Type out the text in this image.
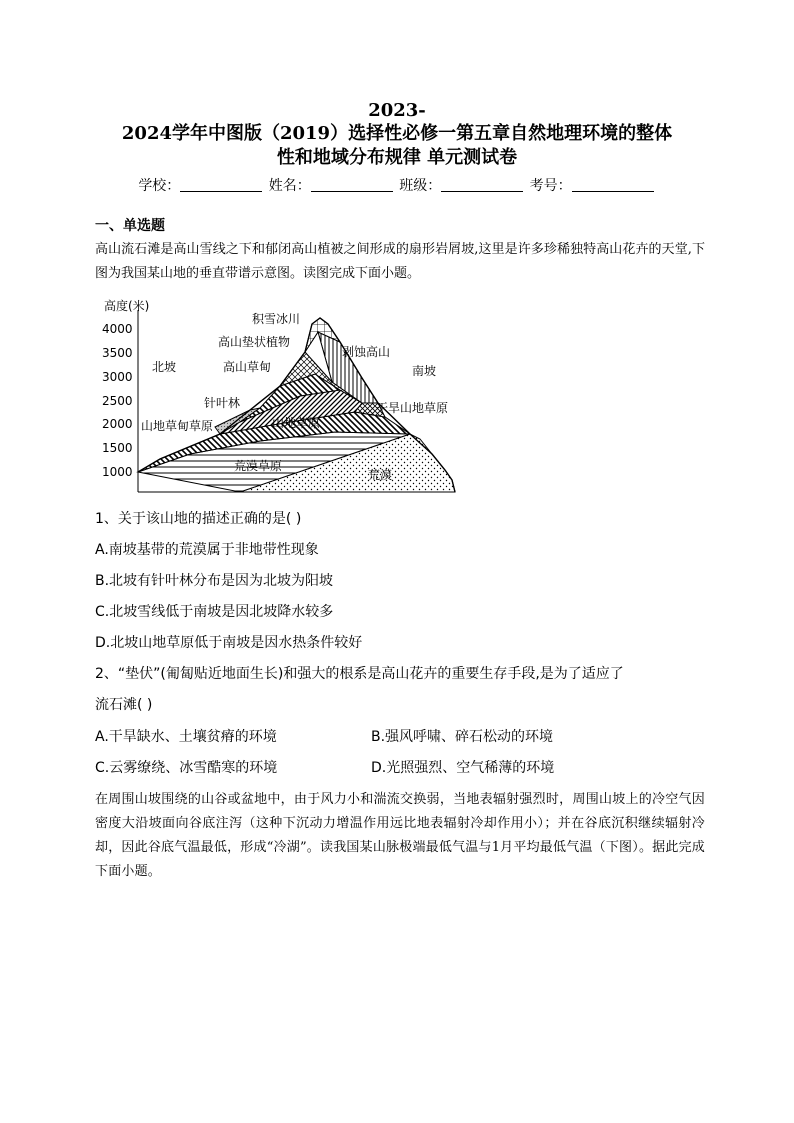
2023-
2024学年中图版（2019）选择性必修一第五章自然地理环境的整体
性和地域分布规律 单元测试卷
学校：	姓名：	班级：	考号：
一、单选题
高山流石滩是高山雪线之下和郁闭高山植被之间形成的扇形岩屑坡,这里是许多珍稀独特高山花卉的天堂,下图为我国某山地的垂直带谱示意图。读图完成下面小题。
高度(米)
4000
3500
3000
2500
2000
1500
1000
北坡	南坡
积雪冰川
高山垫状植物
高山草甸
剥蚀高山
针叶林
山地草甸草原	山地草原
干旱山地草原
荒漠草原
荒漠
1、关于该山地的描述正确的是( )
A.南坡基带的荒漠属于非地带性现象
B.北坡有针叶林分布是因为北坡为阳坡
C.北坡雪线低于南坡是因北坡降水较多
D.北坡山地草原低于南坡是因水热条件较好
2、“垫伏”(匍匐贴近地面生长)和强大的根系是高山花卉的重要生存手段,是为了适应了
流石滩( )
A.干旱缺水、土壤贫瘠的环境	B.强风呼啸、碎石松动的环境
C.云雾缭绕、冰雪酷寒的环境	D.光照强烈、空气稀薄的环境
在周围山坡围绕的山谷或盆地中，由于风力小和湍流交换弱，当地表辐射强烈时，周围山坡上的冷空气因密度大沿坡面向谷底注泻（这种下沉动力增温作用远比地表辐射冷却作用小）；并在谷底沉积继续辐射冷却，因此谷底气温最低，形成“冷湖”。读我国某山脉极端最低气温与1月平均最低气温（下图）。据此完成下面小题。
